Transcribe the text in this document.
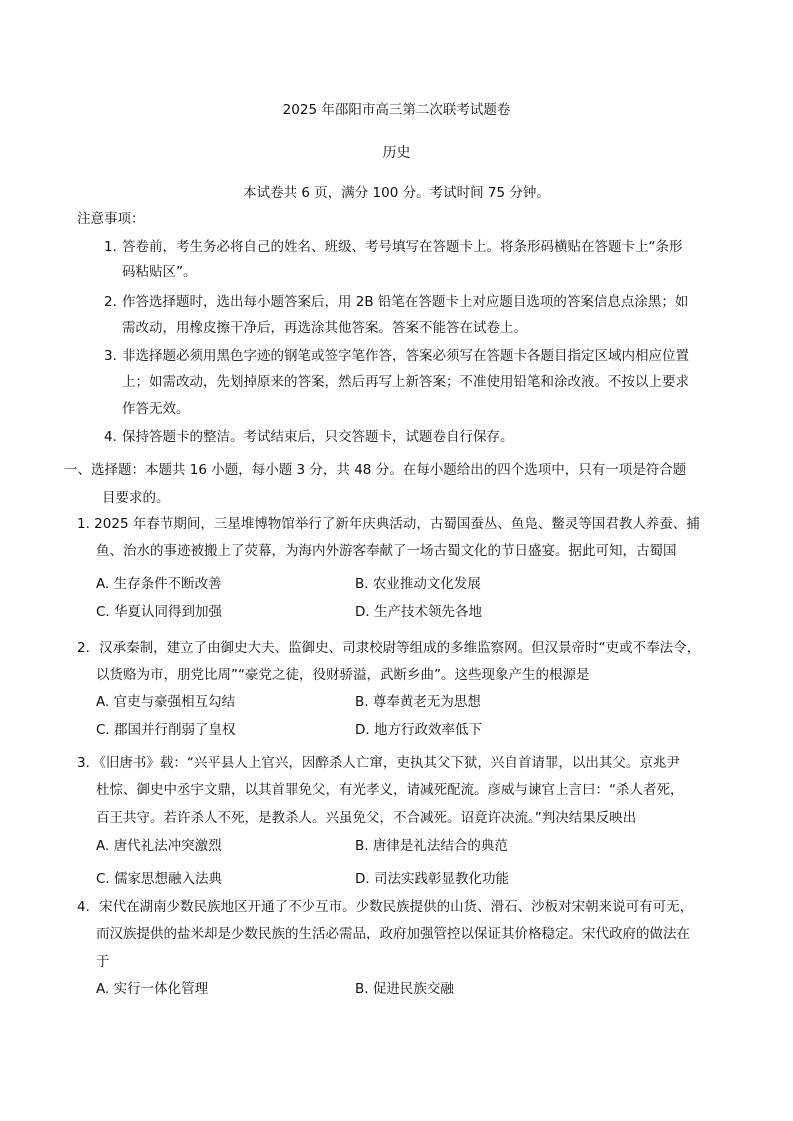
2025 年邵阳市高三第二次联考试题卷
历史
本试卷共 6 页，满分 100 分。考试时间 75 分钟。
注意事项：
1．
答卷前，考生务必将自己的姓名、班级、考号填写在答题卡上。将条形码横贴在答题卡上“条形
码粘贴区”。
2．
作答选择题时，选出每小题答案后，用 2B 铅笔在答题卡上对应题目选项的答案信息点涂黑；如
需改动，用橡皮擦干净后，再选涂其他答案。答案不能答在试卷上。
3．
非选择题必须用黑色字迹的钢笔或签字笔作答，答案必须写在答题卡各题目指定区域内相应位置
上；如需改动，先划掉原来的答案，然后再写上新答案；不准使用铅笔和涂改液。不按以上要求
作答无效。
4．
保持答题卡的整洁。考试结束后，只交答题卡，试题卷自行保存。
一、选择题：本题共 16 小题，每小题 3 分，共 48 分。在每小题给出的四个选项中，只有一项是符合题
目要求的。
1. 2025 年春节期间，三星堆博物馆举行了新年庆典活动，古蜀国蚕丛、鱼凫、鳖灵等国君教人养蚕、捕
鱼、治水的事迹被搬上了荧幕，为海内外游客奉献了一场古蜀文化的节日盛宴。据此可知，古蜀国
A. 生存条件不断改善	B. 农业推动文化发展
C. 华夏认同得到加强	D. 生产技术领先各地
2．汉承秦制，建立了由御史大夫、监御史、司隶校尉等组成的多维监察网。但汉景帝时“吏或不奉法令，
以货赂为市，朋党比周”“豪党之徒，役财骄溢，武断乡曲”。这些现象产生的根源是
A. 官吏与豪强相互勾结	B. 尊奉黄老无为思想
C. 郡国并行削弱了皇权	D. 地方行政效率低下
3．《旧唐书》载：“兴平县人上官兴，因醉杀人亡窜，吏执其父下狱，兴自首请罪，以出其父。京兆尹
杜悰、御史中丞宇文鼎，以其首罪免父，有光孝义，请减死配流。彦威与谏官上言曰：“杀人者死，
百王共守。若许杀人不死，是教杀人。兴虽免父，不合减死。诏竟许决流。”判决结果反映出
A. 唐代礼法冲突激烈	B. 唐律是礼法结合的典范
C. 儒家思想融入法典	D. 司法实践彰显教化功能
4．宋代在湖南少数民族地区开通了不少互市。少数民族提供的山货、滑石、沙板对宋朝来说可有可无，
而汉族提供的盐米却是少数民族的生活必需品，政府加强管控以保证其价格稳定。宋代政府的做法在
于
A. 实行一体化管理	B. 促进民族交融
